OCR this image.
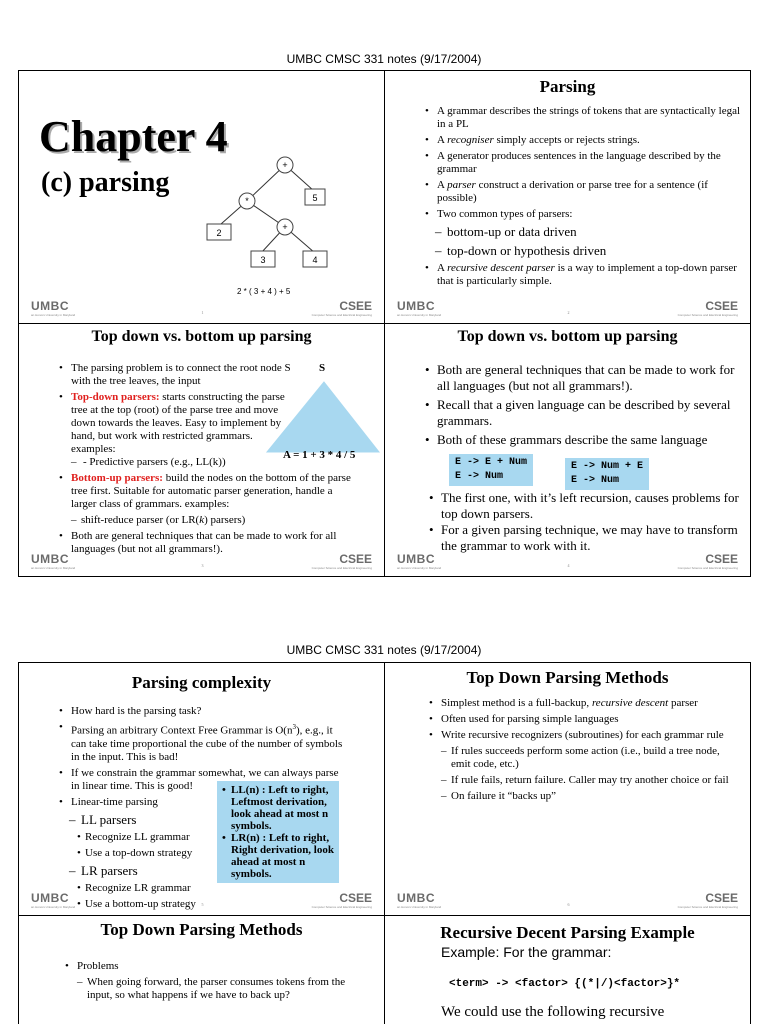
UMBC CMSC 331 notes (9/17/2004)
Chapter 4
(c) parsing
+
*	5
2
+
3	4
2 * ( 3 + 4 ) + 5
UMBC
an Honors University in Maryland	1	CSEE
Computer Science and Electrical Engineering
Parsing
• A grammar describes the strings of tokens that are syntactically legal in a PL
• A recogniser simply accepts or rejects strings.
• A generator produces sentences in the language described by the grammar
• A parser construct a derivation or parse tree for a sentence (if possible)
• Two common types of parsers:
– bottom-up or data driven
– top-down or hypothesis driven
• A recursive descent parser is a way to implement a top-down parser that is particularly simple.
UMBC
an Honors University in Maryland	2	CSEE
Computer Science and Electrical Engineering
Top down vs. bottom up parsing
S
A = 1 + 3 * 4 / 5
• The parsing problem is to connect the root node S with the tree leaves, the input
• Top-down parsers: starts constructing the parse tree at the top (root) of the parse tree and move down towards the leaves. Easy to implement by hand, but work with restricted grammars. examples:
– - Predictive parsers (e.g., LL(k))
• Bottom-up parsers: build the nodes on the bottom of the parse tree first. Suitable for automatic parser generation, handle a larger class of grammars. examples:
– shift-reduce parser (or LR(k) parsers)
• Both are general techniques that can be made to work for all languages (but not all grammars!).
UMBC
an Honors University in Maryland	3	CSEE
Computer Science and Electrical Engineering
Top down vs. bottom up parsing
• Both are general techniques that can be made to work for all languages (but not all grammars!).
• Recall that a given language can be described by several grammars.
• Both of these grammars describe the same language
E -> E + Num
E -> Num
E -> Num + E
E -> Num
• The first one, with it’s left recursion, causes problems for top down parsers.
• For a given parsing technique, we may have to transform the grammar to work with it.
UMBC
an Honors University in Maryland	4	CSEE
Computer Science and Electrical Engineering
UMBC CMSC 331 notes (9/17/2004)
Parsing complexity
• How hard is the parsing task?
• Parsing an arbitrary Context Free Grammar is $O(n^3)$, e.g., it can take time proportional the cube of the number of symbols in the input. This is bad!
• If we constrain the grammar somewhat, we can always parse in linear time. This is good!
• Linear-time parsing
– LL parsers
• Recognize LL grammar
• Use a top-down strategy
– LR parsers
• Recognize LR grammar
• Use a bottom-up strategy
• LL(n) : Left to right, Leftmost derivation, look ahead at most n symbols.
• LR(n) : Left to right, Right derivation, look ahead at most n symbols.
UMBC
an Honors University in Maryland	5	CSEE
Computer Science and Electrical Engineering
Top Down Parsing Methods
• Simplest method is a full-backup, recursive descent parser
• Often used for parsing simple languages
• Write recursive recognizers (subroutines) for each grammar rule
– If rules succeeds perform some action (i.e., build a tree node, emit code, etc.)
– If rule fails, return failure. Caller may try another choice or fail
– On failure it “backs up”
UMBC
an Honors University in Maryland	6	CSEE
Computer Science and Electrical Engineering
Top Down Parsing Methods
• Problems
– When going forward, the parser consumes tokens from the input, so what happens if we have to back up?
Recursive Decent Parsing Example
Example: For the grammar:
<term> -> <factor> {(*|/)<factor>}*
We could use the following recursive
